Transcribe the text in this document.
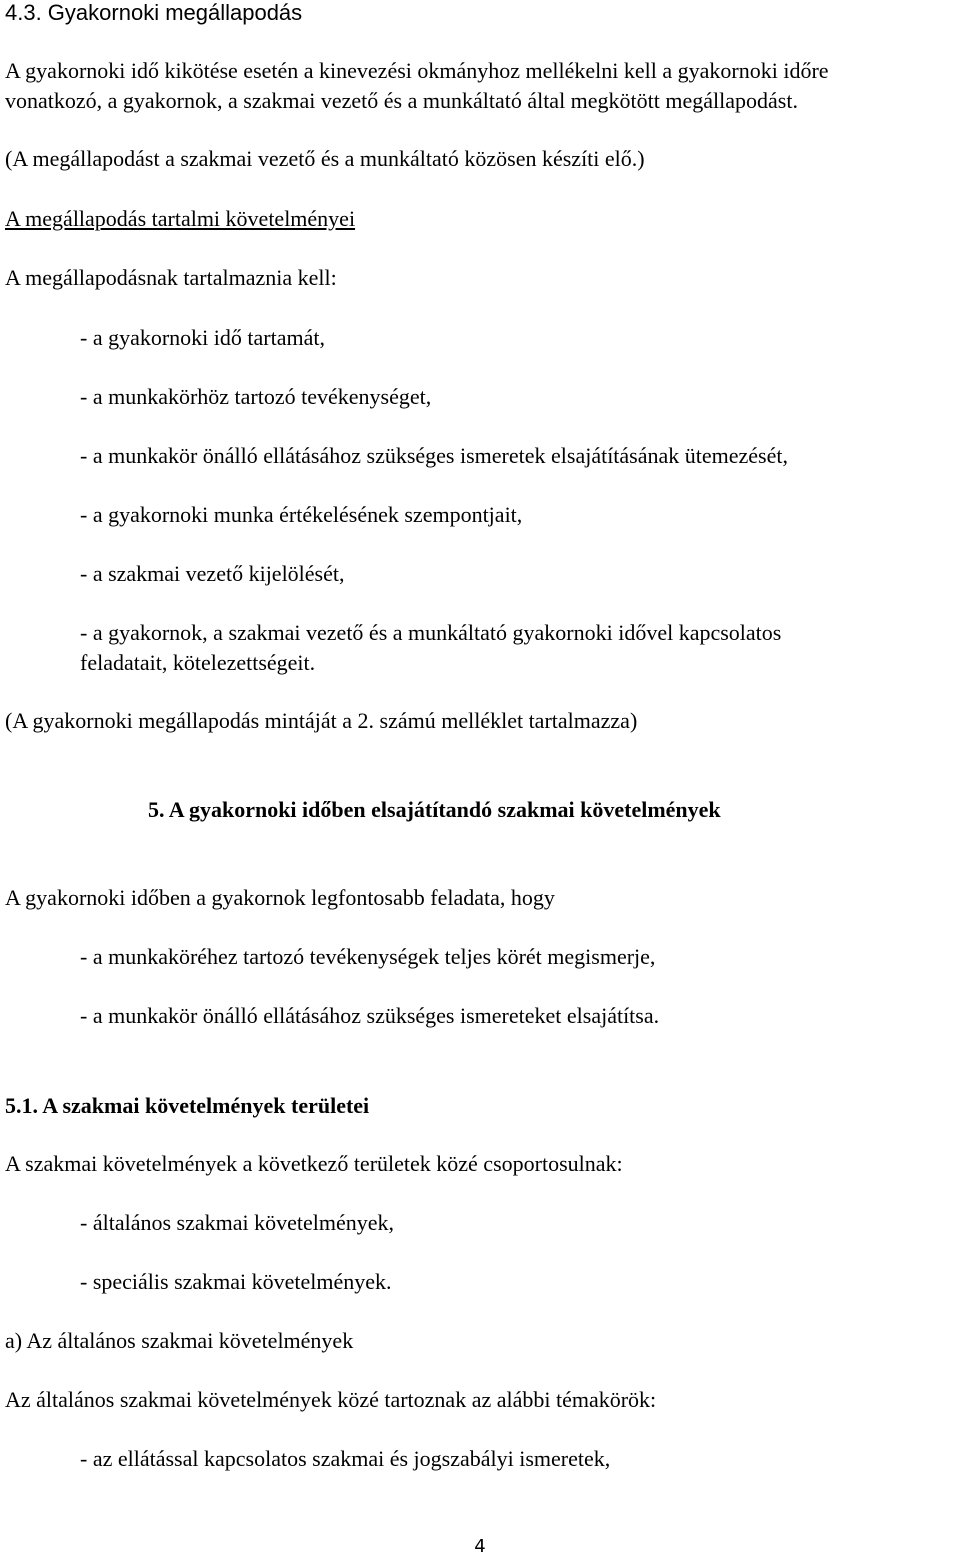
4.3. Gyakornoki megállapodás
A gyakornoki idő kikötése esetén a kinevezési okmányhoz mellékelni kell a gyakornoki időre
vonatkozó, a gyakornok, a szakmai vezető és a munkáltató által megkötött megállapodást.
(A megállapodást a szakmai vezető és a munkáltató közösen készíti elő.)
A megállapodás tartalmi követelményei
A megállapodásnak tartalmaznia kell:
- a gyakornoki idő tartamát,
- a munkakörhöz tartozó tevékenységet,
- a munkakör önálló ellátásához szükséges ismeretek elsajátításának ütemezését,
- a gyakornoki munka értékelésének szempontjait,
- a szakmai vezető kijelölését,
- a gyakornok, a szakmai vezető és a munkáltató gyakornoki idővel kapcsolatos
feladatait, kötelezettségeit.
(A gyakornoki megállapodás mintáját a 2. számú melléklet tartalmazza)
5. A gyakornoki időben elsajátítandó szakmai követelmények
A gyakornoki időben a gyakornok legfontosabb feladata, hogy
- a munkaköréhez tartozó tevékenységek teljes körét megismerje,
- a munkakör önálló ellátásához szükséges ismereteket elsajátítsa.
5.1. A szakmai követelmények területei
A szakmai követelmények a következő területek közé csoportosulnak:
- általános szakmai követelmények,
- speciális szakmai követelmények.
a) Az általános szakmai követelmények
Az általános szakmai követelmények közé tartoznak az alábbi témakörök:
- az ellátással kapcsolatos szakmai és jogszabályi ismeretek,
4
